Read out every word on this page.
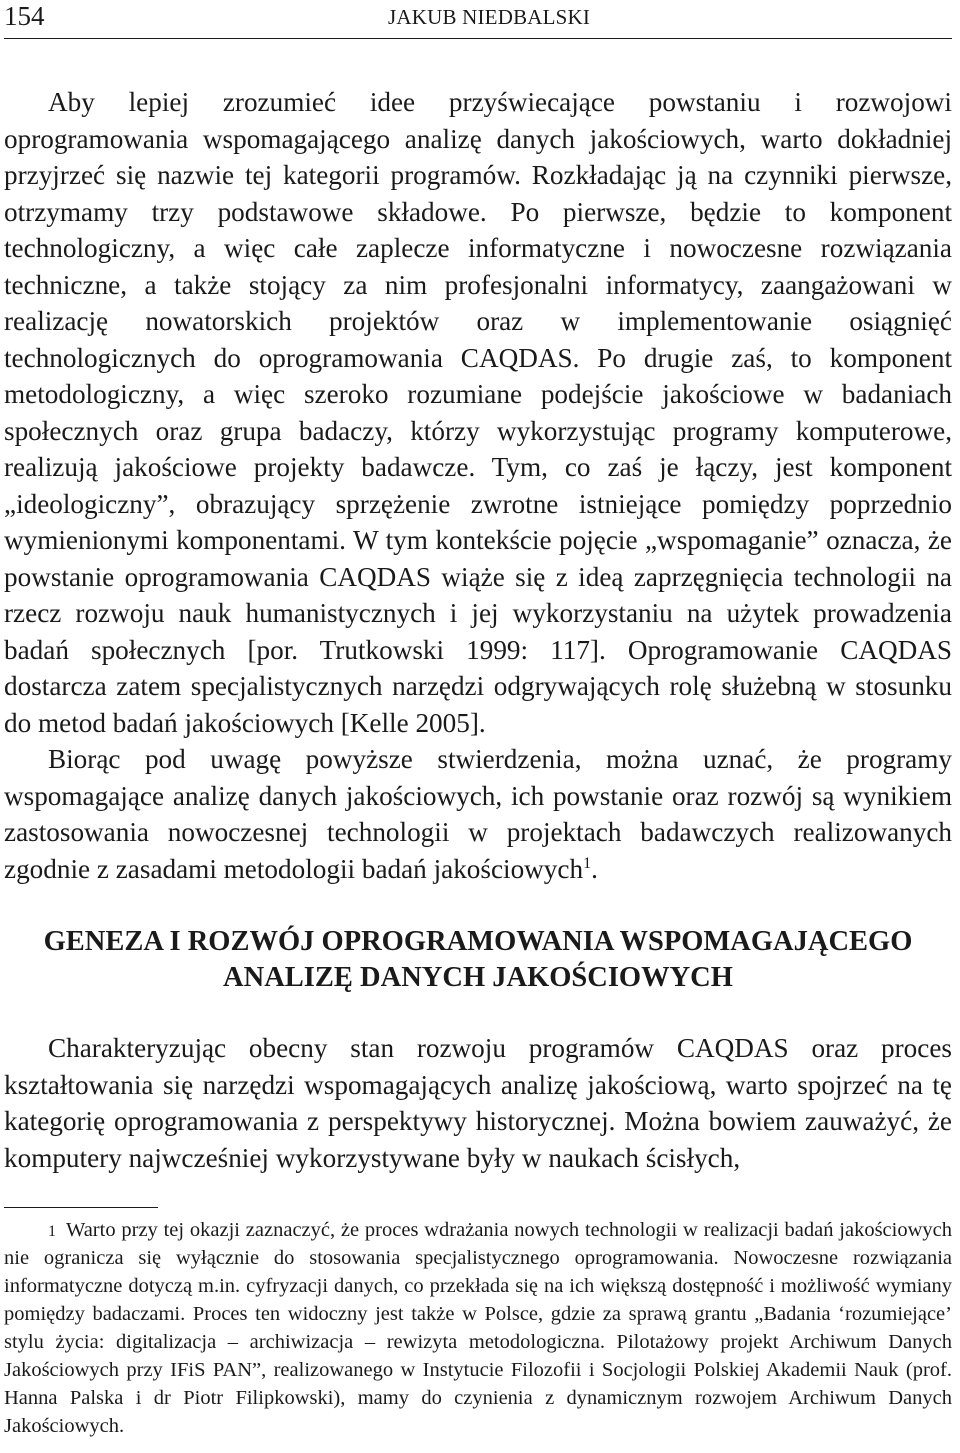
154	JAKUB NIEDBALSKI

Aby lepiej zrozumieć idee przyświecające powstaniu i rozwojowi oprogramowania wspomagającego analizę danych jakościowych, warto dokładniej przyjrzeć się nazwie tej kategorii programów. Rozkładając ją na czynniki pierwsze, otrzymamy trzy podstawowe składowe. Po pierwsze, będzie to komponent technologiczny, a więc całe zaplecze informatyczne i nowoczesne rozwiązania techniczne, a także stojący za nim profesjonalni informatycy, zaangażowani w realizację nowatorskich projektów oraz w implementowanie osiągnięć technologicznych do oprogramowania CAQDAS. Po drugie zaś, to komponent metodologiczny, a więc szeroko rozumiane podejście jakościowe w badaniach społecznych oraz grupa badaczy, którzy wykorzystując programy komputerowe, realizują jakościowe projekty badawcze. Tym, co zaś je łączy, jest komponent „ideologiczny”, obrazujący sprzężenie zwrotne istniejące pomiędzy poprzednio wymienionymi komponentami. W tym kontekście pojęcie „wspomaganie” oznacza, że powstanie oprogramowania CAQDAS wiąże się z ideą zaprzęgnięcia technologii na rzecz rozwoju nauk humanistycznych i jej wykorzystaniu na użytek prowadzenia badań społecznych [por. Trutkowski 1999: 117]. Oprogramowanie CAQDAS dostarcza zatem specjalistycznych narzędzi odgrywających rolę służebną w stosunku do metod badań jakościowych [Kelle 2005].

Biorąc pod uwagę powyższe stwierdzenia, można uznać, że programy wspomagające analizę danych jakościowych, ich powstanie oraz rozwój są wynikiem zastosowania nowoczesnej technologii w projektach badawczych realizowanych zgodnie z zasadami metodologii badań jakościowych$^1$.

GENEZA I ROZWÓJ OPROGRAMOWANIA WSPOMAGAJĄCEGO
ANALIZĘ DANYCH JAKOŚCIOWYCH

Charakteryzując obecny stan rozwoju programów CAQDAS oraz proces kształtowania się narzędzi wspomagających analizę jakościową, warto spojrzeć na tę kategorię oprogramowania z perspektywy historycznej. Można bowiem zauważyć, że komputery najwcześniej wykorzystywane były w naukach ścisłych,

$^1$ Warto przy tej okazji zaznaczyć, że proces wdrażania nowych technologii w realizacji badań jakościowych nie ogranicza się wyłącznie do stosowania specjalistycznego oprogramowania. Nowoczesne rozwiązania informatyczne dotyczą m.in. cyfryzacji danych, co przekłada się na ich większą dostępność i możliwość wymiany pomiędzy badaczami. Proces ten widoczny jest także w Polsce, gdzie za sprawą grantu „Badania ‘rozumiejące’ stylu życia: digitalizacja – archiwizacja – rewizyta metodologiczna. Pilotażowy projekt Archiwum Danych Jakościowych przy IFiS PAN”, realizowanego w Instytucie Filozofii i Socjologii Polskiej Akademii Nauk (prof. Hanna Palska i dr Piotr Filipkowski), mamy do czynienia z dynamicznym rozwojem Archiwum Danych Jakościowych.
